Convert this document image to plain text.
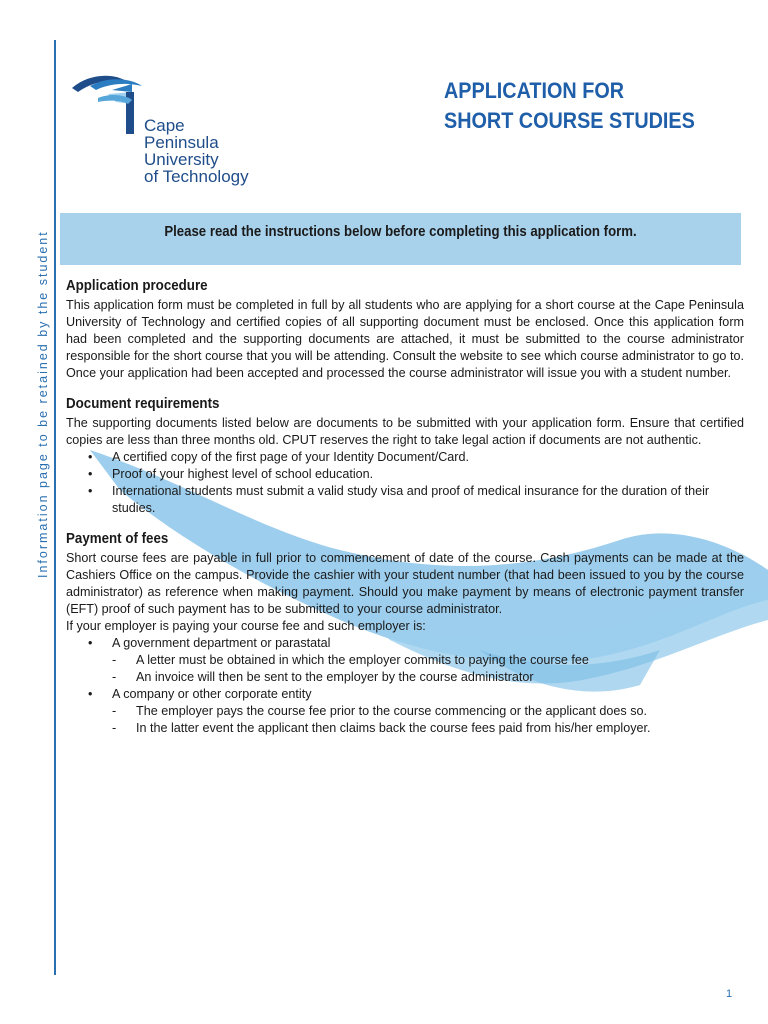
Information page to be retained by the student
Cape
Peninsula
University
of Technology
APPLICATION FOR
SHORT COURSE STUDIES
Please read the instructions below before completing this application form.
Application procedure

This application form must be completed in full by all students who are applying for a short course at the Cape Peninsula University of Technology and certified copies of all supporting document must be enclosed. Once this application form had been completed and the supporting documents are attached, it must be submitted to the course administrator responsible for the short course that you will be attending. Consult the website to see which course administrator to go to. Once your application had been accepted and processed the course administrator will issue you with a student number.

Document requirements

The supporting documents listed below are documents to be submitted with your application form. Ensure that certified copies are less than three months old. CPUT reserves the right to take legal action if documents are not authentic.

• A certified copy of the first page of your Identity Document/Card.
• Proof of your highest level of school education.
• International students must submit a valid study visa and proof of medical insurance for the duration of their studies.
Payment of fees

Short course fees are payable in full prior to commencement of date of the course. Cash payments can be made at the Cashiers Office on the campus. Provide the cashier with your student number (that had been issued to you by the course administrator) as reference when making payment. Should you make payment by means of electronic payment transfer (EFT) proof of such payment has to be submitted to your course administrator.

If your employer is paying your course fee and such employer is:

• A government department or parastatal
- A letter must be obtained in which the employer commits to paying the course fee
- An invoice will then be sent to the employer by the course administrator
• A company or other corporate entity
- The employer pays the course fee prior to the course commencing or the applicant does so.
- In the latter event the applicant then claims back the course fees paid from his/her employer.
1
